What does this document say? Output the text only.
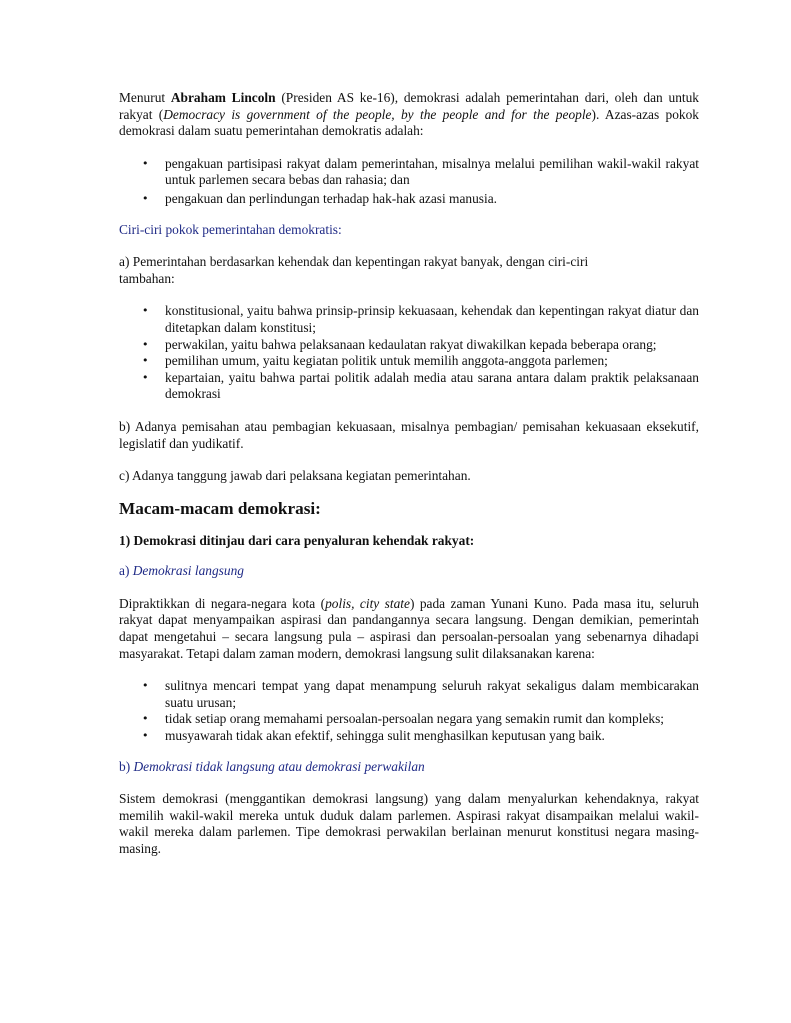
Menurut Abraham Lincoln (Presiden AS ke-16), demokrasi adalah pemerintahan dari, oleh dan untuk rakyat (Democracy is government of the people, by the people and for the people). Azas-azas pokok demokrasi dalam suatu pemerintahan demokratis adalah:

• pengakuan partisipasi rakyat dalam pemerintahan, misalnya melalui pemilihan wakil-wakil rakyat untuk parlemen secara bebas dan rahasia; dan
• pengakuan dan perlindungan terhadap hak-hak azasi manusia.

Ciri-ciri pokok pemerintahan demokratis:

a) Pemerintahan berdasarkan kehendak dan kepentingan rakyat banyak, dengan ciri-ciri

tambahan:

• konstitusional, yaitu bahwa prinsip-prinsip kekuasaan, kehendak dan kepentingan rakyat diatur dan ditetapkan dalam konstitusi;
• perwakilan, yaitu bahwa pelaksanaan kedaulatan rakyat diwakilkan kepada beberapa orang;
• pemilihan umum, yaitu kegiatan politik untuk memilih anggota-anggota parlemen;
• kepartaian, yaitu bahwa partai politik adalah media atau sarana antara dalam praktik pelaksanaan demokrasi

b) Adanya pemisahan atau pembagian kekuasaan, misalnya pembagian/ pemisahan kekuasaan eksekutif, legislatif dan yudikatif.

c) Adanya tanggung jawab dari pelaksana kegiatan pemerintahan.

Macam-macam demokrasi:
1) Demokrasi ditinjau dari cara penyaluran kehendak rakyat:

a) Demokrasi langsung

Dipraktikkan di negara-negara kota (polis, city state) pada zaman Yunani Kuno. Pada masa itu, seluruh rakyat dapat menyampaikan aspirasi dan pandangannya secara langsung. Dengan demikian, pemerintah dapat mengetahui – secara langsung pula – aspirasi dan persoalan-persoalan yang sebenarnya dihadapi masyarakat. Tetapi dalam zaman modern, demokrasi langsung sulit dilaksanakan karena:

• sulitnya mencari tempat yang dapat menampung seluruh rakyat sekaligus dalam membicarakan suatu urusan;
• tidak setiap orang memahami persoalan-persoalan negara yang semakin rumit dan kompleks;
• musyawarah tidak akan efektif, sehingga sulit menghasilkan keputusan yang baik.

b) Demokrasi tidak langsung atau demokrasi perwakilan

Sistem demokrasi (menggantikan demokrasi langsung) yang dalam menyalurkan kehendaknya, rakyat memilih wakil-wakil mereka untuk duduk dalam parlemen. Aspirasi rakyat disampaikan melalui wakil-wakil mereka dalam parlemen. Tipe demokrasi perwakilan berlainan menurut konstitusi negara masing-masing.
